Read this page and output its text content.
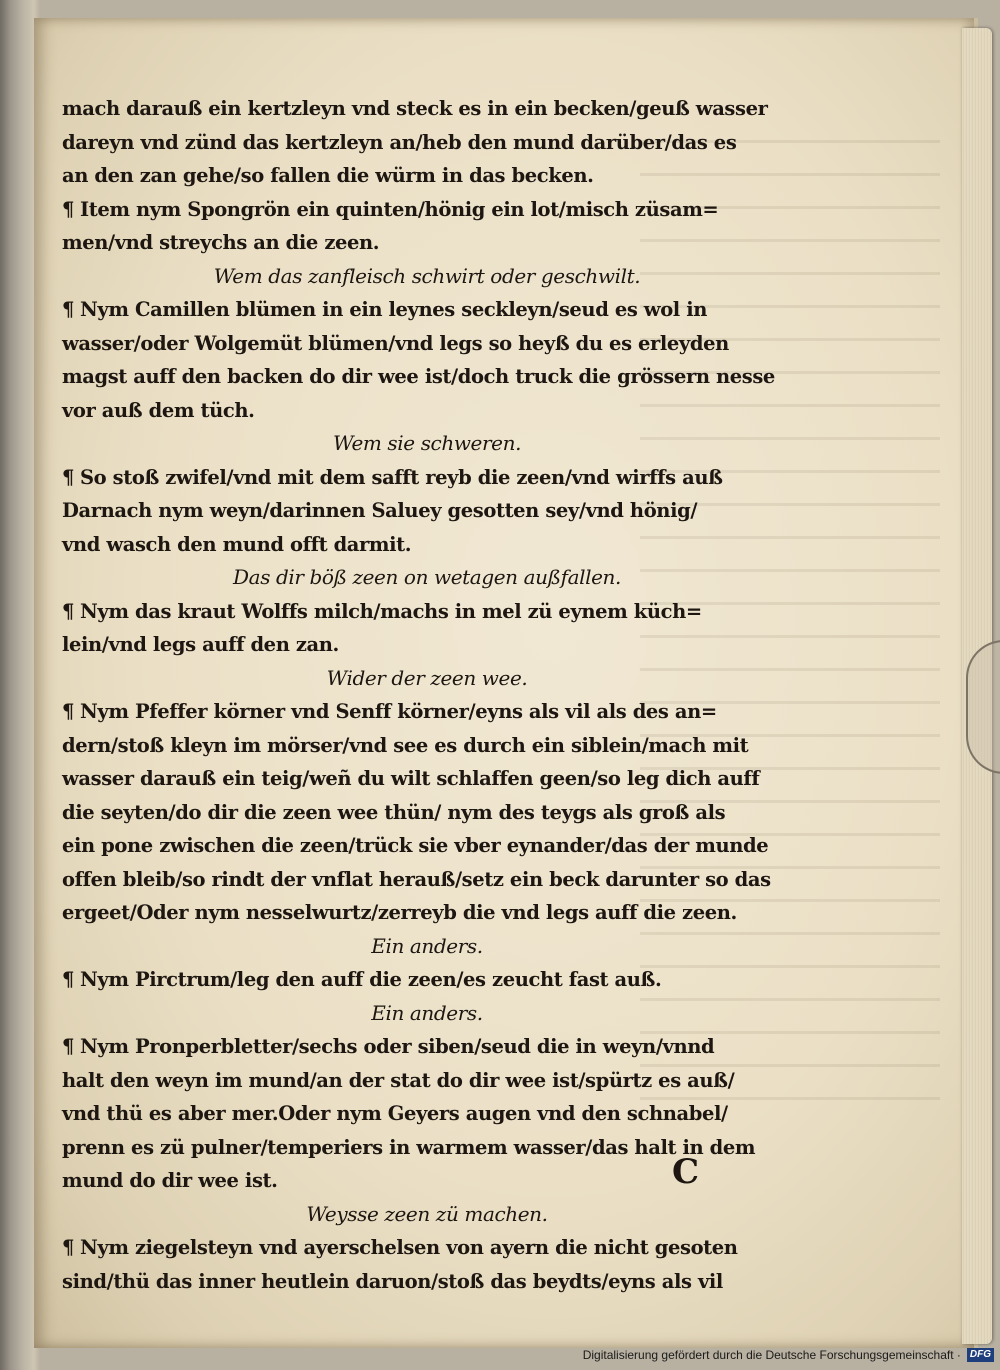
mach darauß ein kertzleyn vnd steck es in ein becken/geuß wasser
dareyn vnd zünd das kertzleyn an/heb den mund darüber/das es
an den zan gehe/so fallen die würm in das becken.
¶ Item nym Spongrön ein quinten/hönig ein lot/misch züsam=
men/vnd streychs an die zeen.
Wem das zanfleisch schwirt oder geschwilt.
¶ Nym Camillen blümen in ein leynes seckleyn/seud es wol in
wasser/oder Wolgemüt blümen/vnd legs so heyß du es erleyden
magst auff den backen do dir wee ist/doch truck die grössern nesse
vor auß dem tüch.
Wem sie schweren.
¶ So stoß zwifel/vnd mit dem safft reyb die zeen/vnd wirffs auß
Darnach nym weyn/darinnen Saluey gesotten sey/vnd hönig/
vnd wasch den mund offt darmit.
Das dir böß zeen on wetagen außfallen.
¶ Nym das kraut Wolffs milch/machs in mel zü eynem küch=
lein/vnd legs auff den zan.
Wider der zeen wee.
¶ Nym Pfeffer körner vnd Senff körner/eyns als vil als des an=
dern/stoß kleyn im mörser/vnd see es durch ein siblein/mach mit
wasser darauß ein teig/weñ du wilt schlaffen geen/so leg dich auff
die seyten/do dir die zeen wee thün/ nym des teygs als groß als
ein pone zwischen die zeen/trück sie vber eynander/das der munde
offen bleib/so rindt der vnflat herauß/setz ein beck darunter so das
ergeet/Oder nym nesselwurtz/zerreyb die vnd legs auff die zeen.
Ein anders.
¶ Nym Pirctrum/leg den auff die zeen/es zeucht fast auß.
Ein anders.
¶ Nym Pronperbletter/sechs oder siben/seud die in weyn/vnnd
halt den weyn im mund/an der stat do dir wee ist/spürtz es auß/
vnd thü es aber mer.Oder nym Geyers augen vnd den schnabel/
prenn es zü pulner/temperiers in warmem wasser/das halt in dem
mund do dir wee ist.
Weysse zeen zü machen.
¶ Nym ziegelsteyn vnd ayerschelsen von ayern die nicht gesoten
sind/thü das inner heutlein daruon/stoß das beydts/eyns als vil
C
Digitalisierung gefördert durch die Deutsche Forschungsgemeinschaft · DFG
